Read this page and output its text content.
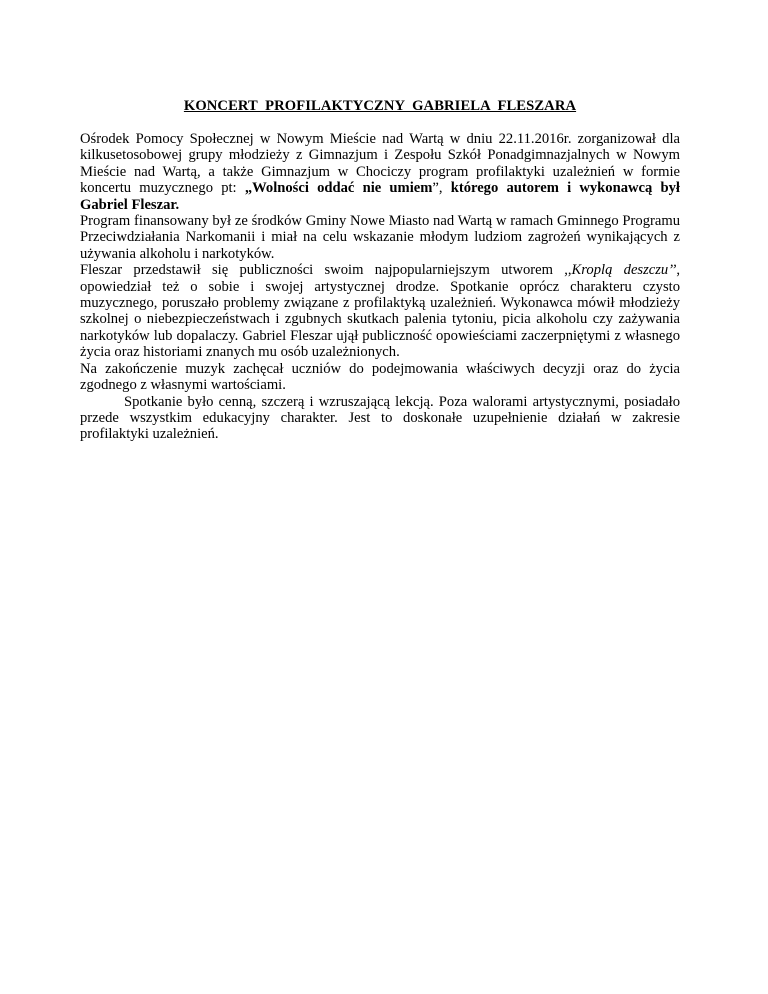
KONCERT  PROFILAKTYCZNY  GABRIELA  FLESZARA

Ośrodek Pomocy Społecznej w Nowym Mieście nad Wartą w dniu 22.11.2016r. zorganizował dla kilkusetosobowej grupy młodzieży z Gimnazjum i Zespołu Szkół Ponadgimnazjalnych w Nowym Mieście nad Wartą, a także Gimnazjum w Chociczy program profilaktyki uzależnień w formie koncertu muzycznego pt: „Wolności oddać nie umiem”, którego autorem i wykonawcą był Gabriel Fleszar.

Program finansowany był ze środków Gminy Nowe Miasto nad Wartą w ramach Gminnego Programu Przeciwdziałania Narkomanii i miał na celu wskazanie młodym ludziom zagrożeń wynikających z używania alkoholu i narkotyków.

Fleszar przedstawił się publiczności swoim najpopularniejszym utworem ,,Kroplą deszczu’’, opowiedział też o sobie i swojej artystycznej drodze. Spotkanie oprócz charakteru czysto muzycznego, poruszało problemy związane z profilaktyką uzależnień. Wykonawca mówił młodzieży szkolnej o niebezpieczeństwach i zgubnych skutkach palenia tytoniu, picia alkoholu czy zażywania narkotyków lub dopalaczy. Gabriel Fleszar ujął publiczność opowieściami zaczerpniętymi z własnego życia oraz historiami znanych mu osób uzależnionych.

Na zakończenie muzyk zachęcał uczniów do podejmowania właściwych decyzji oraz do życia zgodnego z własnymi wartościami.

Spotkanie było cenną, szczerą i wzruszającą lekcją. Poza walorami artystycznymi, posiadało przede wszystkim edukacyjny charakter. Jest to doskonałe uzupełnienie działań w zakresie profilaktyki uzależnień.
